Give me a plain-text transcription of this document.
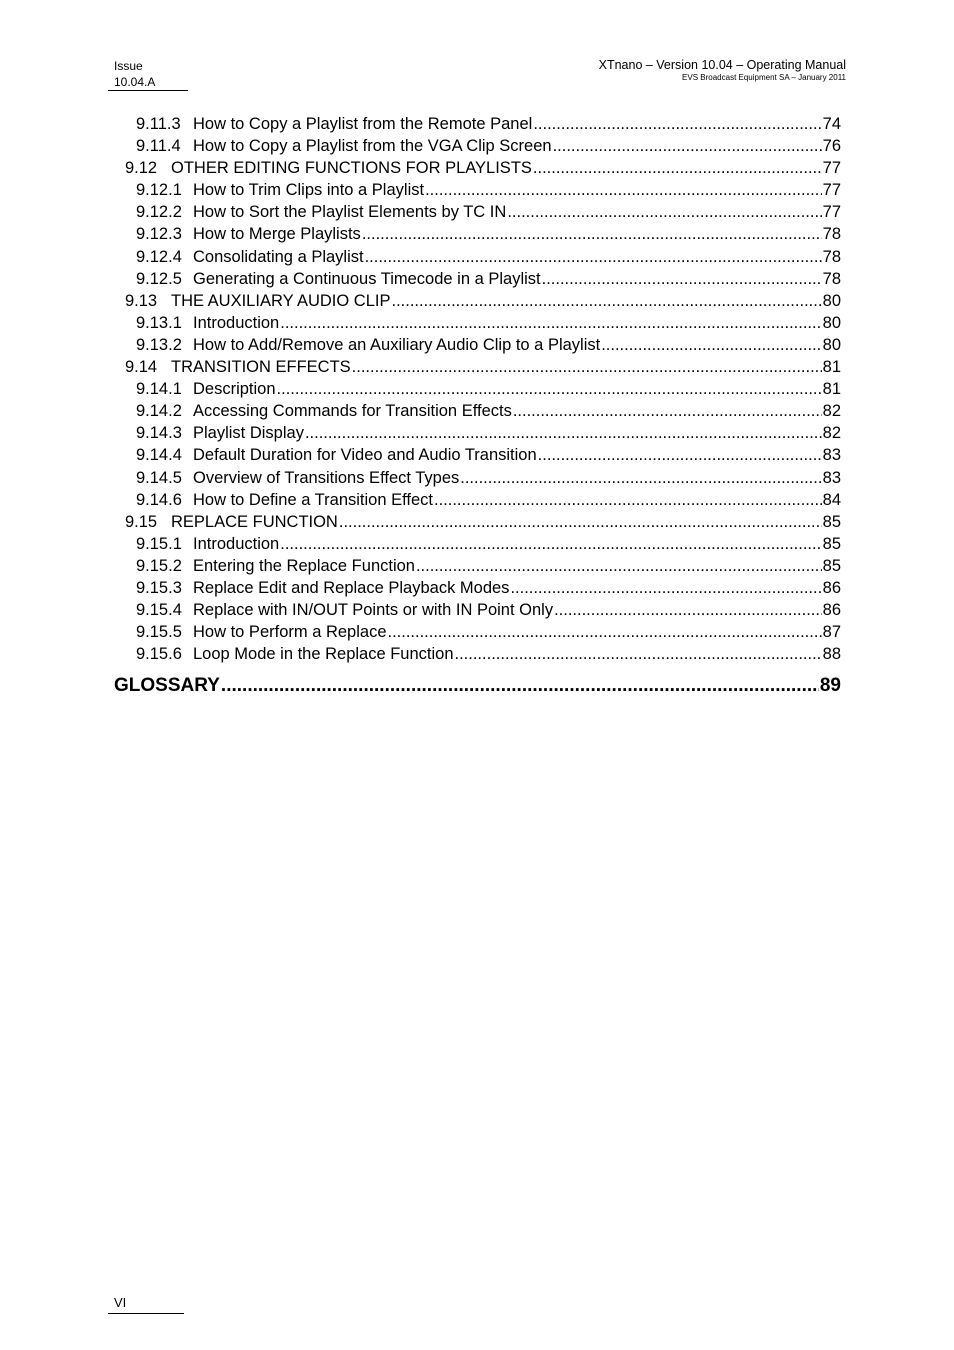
Issue
10.04.A
XTnano – Version 10.04 – Operating Manual
EVS Broadcast Equipment SA – January 2011
9.11.3 How to Copy a Playlist from the Remote Panel .....	74
9.11.4 How to Copy a Playlist from the VGA Clip Screen .....	76
9.12 OTHER EDITING FUNCTIONS FOR PLAYLISTS .....	77
9.12.1 How to Trim Clips into a Playlist .....	77
9.12.2 How to Sort the Playlist Elements by TC IN .....	77
9.12.3 How to Merge Playlists .....	78
9.12.4 Consolidating a Playlist .....	78
9.12.5 Generating a Continuous Timecode in a Playlist .....	78
9.13 THE AUXILIARY AUDIO CLIP .....	80
9.13.1 Introduction .....	80
9.13.2 How to Add/Remove an Auxiliary Audio Clip to a Playlist .....	80
9.14 TRANSITION EFFECTS .....	81
9.14.1 Description .....	81
9.14.2 Accessing Commands for Transition Effects .....	82
9.14.3 Playlist Display .....	82
9.14.4 Default Duration for Video and Audio Transition .....	83
9.14.5 Overview of Transitions Effect Types .....	83
9.14.6 How to Define a Transition Effect .....	84
9.15 REPLACE FUNCTION .....	85
9.15.1 Introduction .....	85
9.15.2 Entering the Replace Function .....	85
9.15.3 Replace Edit and Replace Playback Modes .....	86
9.15.4 Replace with IN/OUT Points or with IN Point Only .....	86
9.15.5 How to Perform a Replace .....	87
9.15.6 Loop Mode in the Replace Function .....	88
GLOSSARY .....	89
VI
